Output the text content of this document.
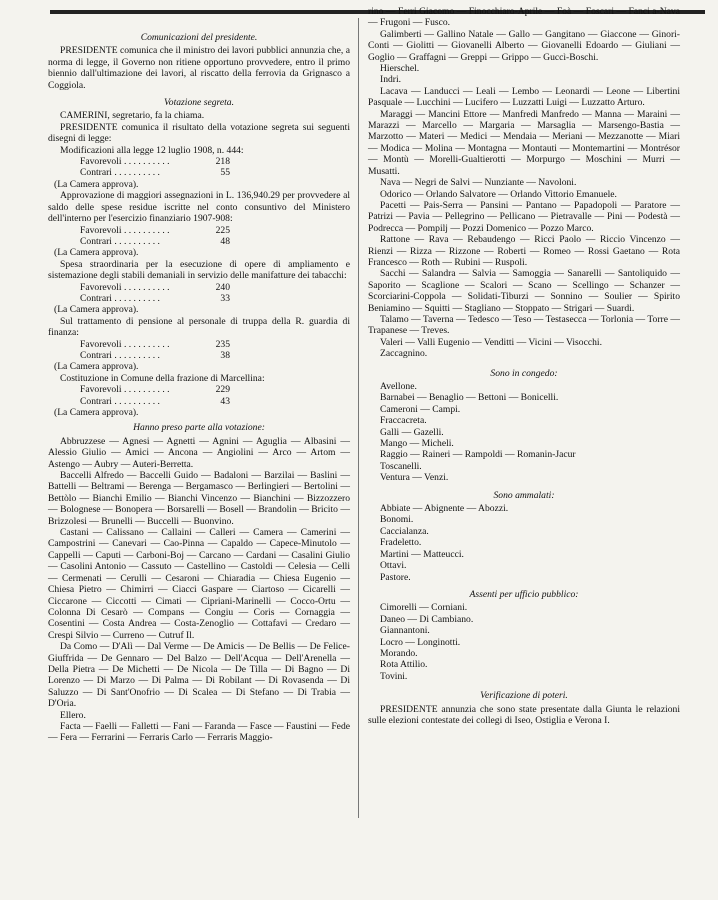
Comunicazioni del presidente.

PRESIDENTE comunica che il ministro dei lavori pubblici annunzia che, a norma di legge, il Governo non ritiene opportuno provvedere, entro il primo biennio dall'ultimazione dei lavori, al riscatto della ferrovia da Grignasco a Coggiola.

Votazione segreta.

CAMERINI, segretario, fa la chiama.

PRESIDENTE comunica il risultato della votazione segreta sui seguenti disegni di legge:

Modificazioni alla legge 12 luglio 1908, n. 444:

Favorevoli . . . . . . . . . .	218
Contrari . . . . . . . . . .	55
(La Camera approva).

Approvazione di maggiori assegnazioni in L. 136,940.29 per provvedere al saldo delle spese residue iscritte nel conto consuntivo del Ministero dell'interno per l'esercizio finanziario 1907-908:

Favorevoli . . . . . . . . . .	225
Contrari . . . . . . . . . .	48
(La Camera approva).

Spesa straordinaria per la esecuzione di opere di ampliamento e sistemazione degli stabili demaniali in servizio delle manifatture dei tabacchi:

Favorevoli . . . . . . . . . .	240
Contrari . . . . . . . . . .	33
(La Camera approva).

Sul trattamento di pensione al personale di truppa della R. guardia di finanza:

Favorevoli . . . . . . . . . .	235
Contrari . . . . . . . . . .	38
(La Camera approva).

Costituzione in Comune della frazione di Marcellina:

Favorevoli . . . . . . . . . .	229
Contrari . . . . . . . . . .	43
(La Camera approva).
Hanno preso parte alla votazione:

Abbruzzese — Agnesi — Agnetti — Agnini — Aguglia — Albasini — Alessio Giulio — Amici — Ancona — Angiolini — Arco — Artom — Astengo — Aubry — Auteri-Berretta.

Baccelli Alfredo — Baccelli Guido — Badaloni — Barzilai — Baslini — Battelli — Beltrami — Berenga — Bergamasco — Berlingieri — Bertolini — Bettòlo — Bianchi Emilio — Bianchi Vincenzo — Bianchini — Bizzozzero — Bolognese — Bonopera — Borsarelli — Bosell — Brandolin — Bricito — Brizzolesi — Brunelli — Buccelli — Buonvino.

Castani — Calissano — Callaini — Calleri — Camera — Camerini — Campostrini — Canevari — Cao-Pinna — Capaldo — Capece-Minutolo — Cappelli — Caputi — Carboni-Boj — Carcano — Cardani — Casalini Giulio — Casolini Antonio — Cassuto — Castellino — Castoldi — Celesia — Celli — Cermenati — Cerulli — Cesaroni — Chiaradia — Chiesa Eugenio — Chiesa Pietro — Chimirri — Ciacci Gaspare — Ciartoso — Cicarelli — Ciccarone — Ciccotti — Cimati — Cipriani-Marinelli — Cocco-Ortu — Colonna Di Cesarò — Compans — Congiu — Coris — Cornaggia — Cosentini — Costa Andrea — Costa-Zenoglio — Cottafavi — Credaro — Crespi Silvio — Curreno — Cutruf Il.

Da Como — D'Alì — Dal Verme — De Amicis — De Bellis — De Felice-Giuffrida — De Gennaro — Del Balzo — Dell'Acqua — Dell'Arenella — Della Pietra — De Michetti — De Nicola — De Tilla — Di Bagno — Di Lorenzo — Di Marzo — Di Palma — Di Robilant — Di Rovasenda — Di Saluzzo — Di Sant'Onofrio — Di Scalea — Di Stefano — Di Trabia — D'Oria.

Ellero.

Facta — Faelli — Falletti — Fani — Faranda — Fasce — Faustini — Fede — Fera — Ferrarini — Ferraris Carlo — Ferraris Maggio-

rino — Ferri Giacomo — Finocchiaro-Aprile — Foà — Foscari — Fanci a-Nava — Frugoni — Fusco.

Galimberti — Gallino Natale — Gallo — Gangitano — Giaccone — Ginori-Conti — Giolitti — Giovanelli Alberto — Giovanelli Edoardo — Giuliani — Goglio — Graffagni — Greppi — Grippo — Guccì-Boschi.

Hierschel.

Indri.

Lacava — Landucci — Leali — Lembo — Leonardi — Leone — Libertini Pasquale — Lucchini — Lucifero — Luzzatti Luigi — Luzzatto Arturo.

Maraggi — Mancini Ettore — Manfredi Manfredo — Manna — Maraini — Marazzi — Marcello — Margaria — Marsaglia — Marsengo-Bastia — Marzotto — Materi — Medici — Mendaia — Meriani — Mezzanotte — Miari — Modica — Molina — Montagna — Montauti — Montemartini — Montrésor — Montù — Morelli-Gualtierotti — Morpurgo — Moschini — Murri — Musatti.

Nava — Negri de Salvi — Nunziante — Navoloni.

Odorico — Orlando Salvatore — Orlando Vittorio Emanuele.

Pacetti — Pais-Serra — Pansini — Pantano — Papadopoli — Paratore — Patrizi — Pavia — Pellegrino — Pellicano — Pietravalle — Pini — Podestà — Podrecca — Pompilj — Pozzi Domenico — Pozzo Marco.

Rattone — Rava — Rebaudengo — Ricci Paolo — Riccio Vincenzo — Rienzi — Rizza — Rizzone — Roberti — Romeo — Rossi Gaetano — Rota Francesco — Roth — Rubini — Ruspoli.

Sacchi — Salandra — Salvia — Samoggia — Sanarelli — Santoliquido — Saporito — Scaglione — Scalori — Scano — Scellingo — Schanzer — Scorciarini-Coppola — Solidati-Tiburzi — Sonnino — Soulier — Spirito Beniamino — Squitti — Stagliano — Stoppato — Strigari — Suardi.

Talamo — Taverna — Tedesco — Teso — Testasecca — Torlonia — Torre — Trapanese — Treves.

Valeri — Valli Eugenio — Venditti — Vicini — Visocchi.

Zaccagnino.

Sono in congedo:

Avellone.

Barnabei — Benaglio — Bettoni — Bonicelli.

Cameroni — Campi.

Fraccacreta.

Galli — Gazelli.

Mango — Micheli.

Raggio — Raineri — Rampoldi — Romanin-Jacur

Toscanelli.

Ventura — Venzi.

Sono ammalati:

Abbiate — Abignente — Abozzi.

Bonomi.

Caccialanza.

Fradeletto.

Martini — Matteucci.

Ottavi.

Pastore.

Assenti per ufficio pubblico:

Cimorelli — Corniani.

Daneo — Di Cambiano.

Giannantoni.

Locro — Longinotti.

Morando.

Rota Attilio.

Tovini.

Verificazione di poteri.

PRESIDENTE annunzia che sono state presentate dalla Giunta le relazioni sulle elezioni contestate dei collegi di Iseo, Ostiglia e Verona I.
